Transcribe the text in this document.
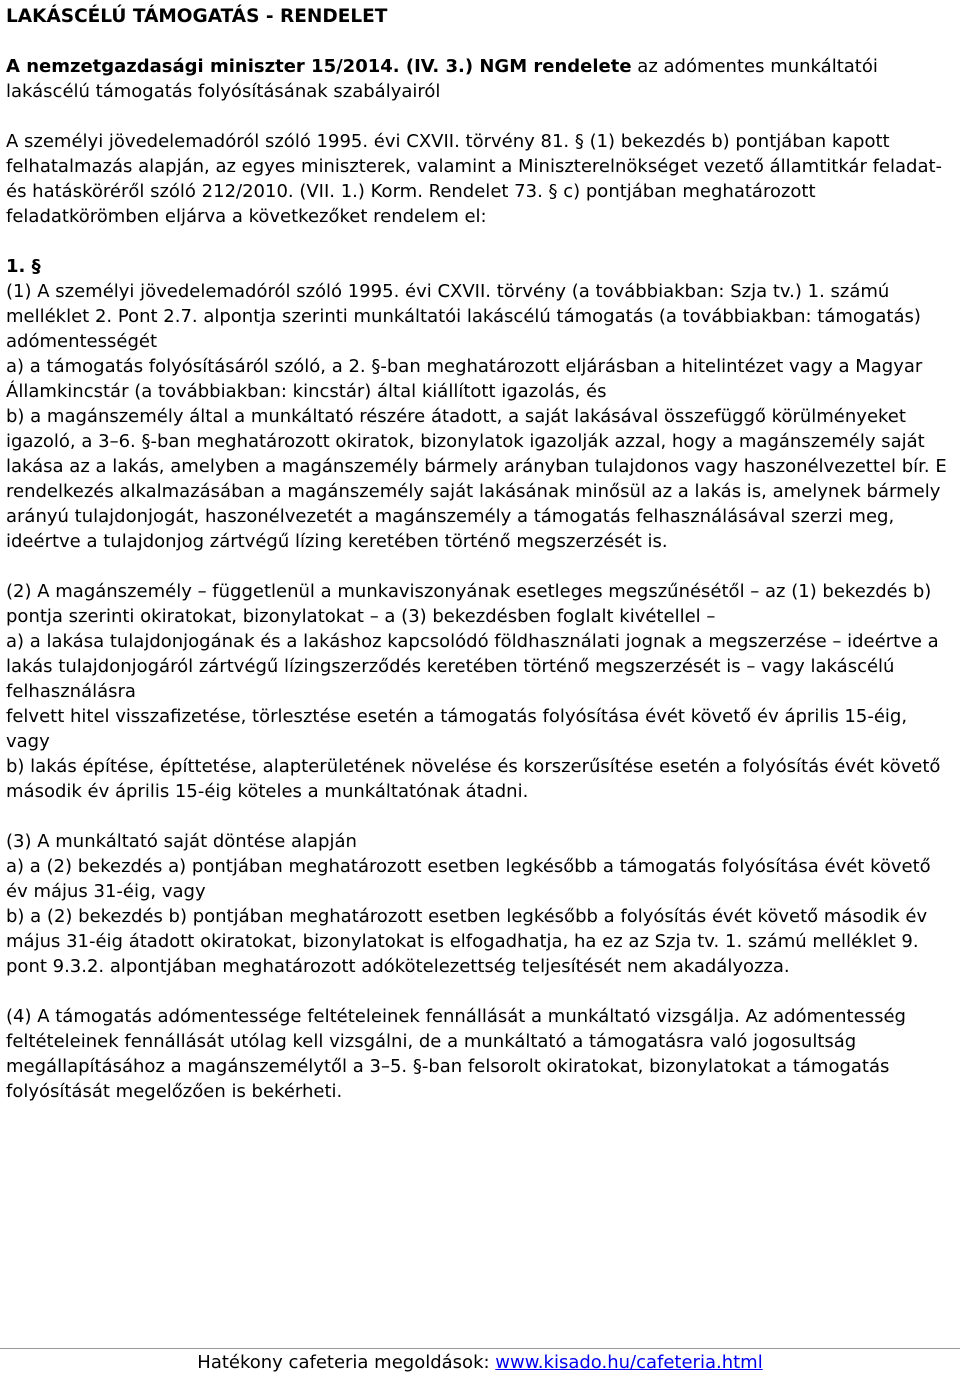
LAKÁSCÉLÚ TÁMOGATÁS - RENDELET

A nemzetgazdasági miniszter 15/2014. (IV. 3.) NGM rendelete az adómentes munkáltatói lakáscélú támogatás folyósításának szabályairól

A személyi jövedelemadóról szóló 1995. évi CXVII. törvény 81. § (1) bekezdés b) pontjában kapott felhatalmazás alapján, az egyes miniszterek, valamint a Miniszterelnökséget vezető államtitkár feladat- és hatásköréről szóló 212/2010. (VII. 1.) Korm. Rendelet 73. § c) pontjában meghatározott feladatkörömben eljárva a következőket rendelem el:

1. §

(1) A személyi jövedelemadóról szóló 1995. évi CXVII. törvény (a továbbiakban: Szja tv.) 1. számú melléklet 2. Pont 2.7. alpontja szerinti munkáltatói lakáscélú támogatás (a továbbiakban: támogatás) adómentességét

a) a támogatás folyósításáról szóló, a 2. §-ban meghatározott eljárásban a hitelintézet vagy a Magyar Államkincstár (a továbbiakban: kincstár) által kiállított igazolás, és

b) a magánszemély által a munkáltató részére átadott, a saját lakásával összefüggő körülményeket igazoló, a 3–6. §-ban meghatározott okiratok, bizonylatok igazolják azzal, hogy a magánszemély saját lakása az a lakás, amelyben a magánszemély bármely arányban tulajdonos vagy haszonélvezettel bír. E rendelkezés alkalmazásában a magánszemély saját lakásának minősül az a lakás is, amelynek bármely arányú tulajdonjogát, haszonélvezetét a magánszemély a támogatás felhasználásával szerzi meg, ideértve a tulajdonjog zártvégű lízing keretében történő megszerzését is.

(2) A magánszemély – függetlenül a munkaviszonyának esetleges megszűnésétől – az (1) bekezdés b) pontja szerinti okiratokat, bizonylatokat – a (3) bekezdésben foglalt kivétellel –

a) a lakása tulajdonjogának és a lakáshoz kapcsolódó földhasználati jognak a megszerzése – ideértve a lakás tulajdonjogáról zártvégű lízingszerződés keretében történő megszerzését is – vagy lakáscélú felhasználásra

felvett hitel visszafizetése, törlesztése esetén a támogatás folyósítása évét követő év április 15-éig, vagy

b) lakás építése, építtetése, alapterületének növelése és korszerűsítése esetén a folyósítás évét követő második év április 15-éig köteles a munkáltatónak átadni.

(3) A munkáltató saját döntése alapján

a) a (2) bekezdés a) pontjában meghatározott esetben legkésőbb a támogatás folyósítása évét követő év május 31-éig, vagy

b) a (2) bekezdés b) pontjában meghatározott esetben legkésőbb a folyósítás évét követő második év május 31-éig átadott okiratokat, bizonylatokat is elfogadhatja, ha ez az Szja tv. 1. számú melléklet 9. pont 9.3.2. alpontjában meghatározott adókötelezettség teljesítését nem akadályozza.

(4) A támogatás adómentessége feltételeinek fennállását a munkáltató vizsgálja. Az adómentesség feltételeinek fennállását utólag kell vizsgálni, de a munkáltató a támogatásra való jogosultság megállapításához a magánszemélytől a 3–5. §-ban felsorolt okiratokat, bizonylatokat a támogatás folyósítását megelőzően is bekérheti.

Hatékony cafeteria megoldások: www.kisado.hu/cafeteria.html
